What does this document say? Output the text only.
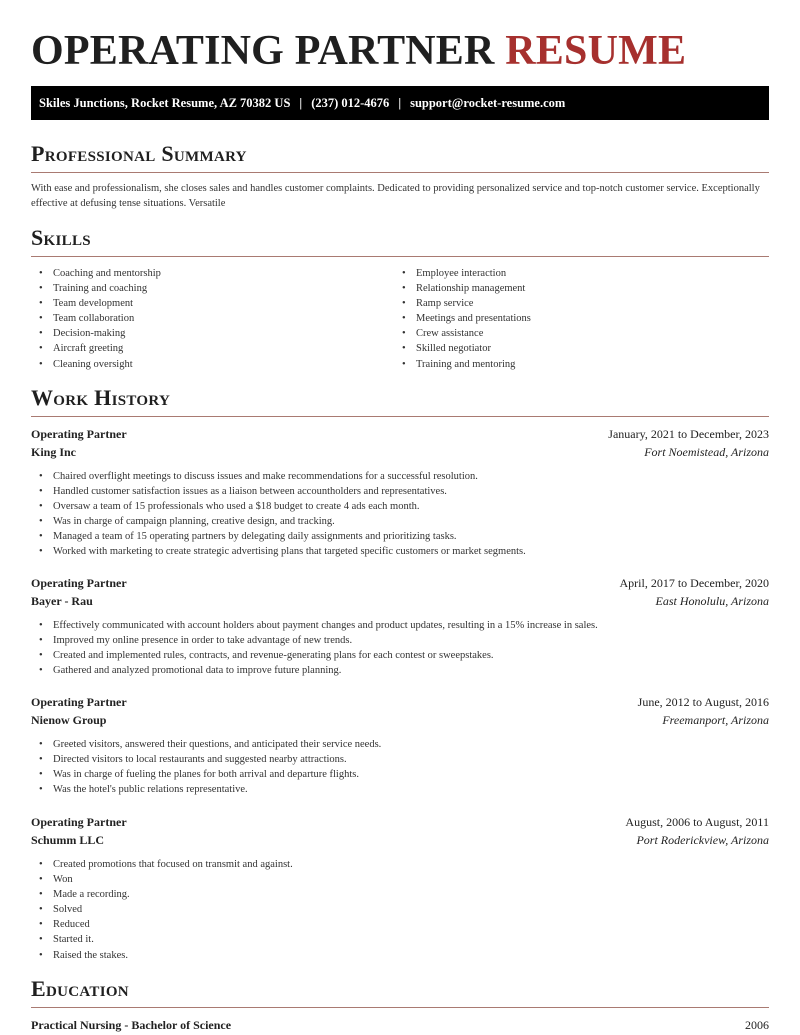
OPERATING PARTNER RESUME
Skiles Junctions, Rocket Resume, AZ 70382 US | (237) 012-4676 | support@rocket-resume.com
Professional Summary

With ease and professionalism, she closes sales and handles customer complaints. Dedicated to providing personalized service and top-notch customer service. Exceptionally effective at defusing tense situations. Versatile

Skills
• Coaching and mentorship
• Training and coaching
• Team development
• Team collaboration
• Decision-making
• Aircraft greeting
• Cleaning oversight
• Employee interaction
• Relationship management
• Ramp service
• Meetings and presentations
• Crew assistance
• Skilled negotiator
• Training and mentoring
Work History
Operating Partner	January, 2021 to December, 2023
King Inc	Fort Noemistead, Arizona
• Chaired overflight meetings to discuss issues and make recommendations for a successful resolution.
• Handled customer satisfaction issues as a liaison between accountholders and representatives.
• Oversaw a team of 15 professionals who used a $18 budget to create 4 ads each month.
• Was in charge of campaign planning, creative design, and tracking.
• Managed a team of 15 operating partners by delegating daily assignments and prioritizing tasks.
• Worked with marketing to create strategic advertising plans that targeted specific customers or market segments.
Operating Partner	April, 2017 to December, 2020
Bayer - Rau	East Honolulu, Arizona
• Effectively communicated with account holders about payment changes and product updates, resulting in a 15% increase in sales.
• Improved my online presence in order to take advantage of new trends.
• Created and implemented rules, contracts, and revenue-generating plans for each contest or sweepstakes.
• Gathered and analyzed promotional data to improve future planning.
Operating Partner	June, 2012 to August, 2016
Nienow Group	Freemanport, Arizona
• Greeted visitors, answered their questions, and anticipated their service needs.
• Directed visitors to local restaurants and suggested nearby attractions.
• Was in charge of fueling the planes for both arrival and departure flights.
• Was the hotel's public relations representative.
Operating Partner	August, 2006 to August, 2011
Schumm LLC	Port Roderickview, Arizona
• Created promotions that focused on transmit and against.
• Won
• Made a recording.
• Solved
• Reduced
• Started it.
• Raised the stakes.
Education
Practical Nursing - Bachelor of Science	2006
